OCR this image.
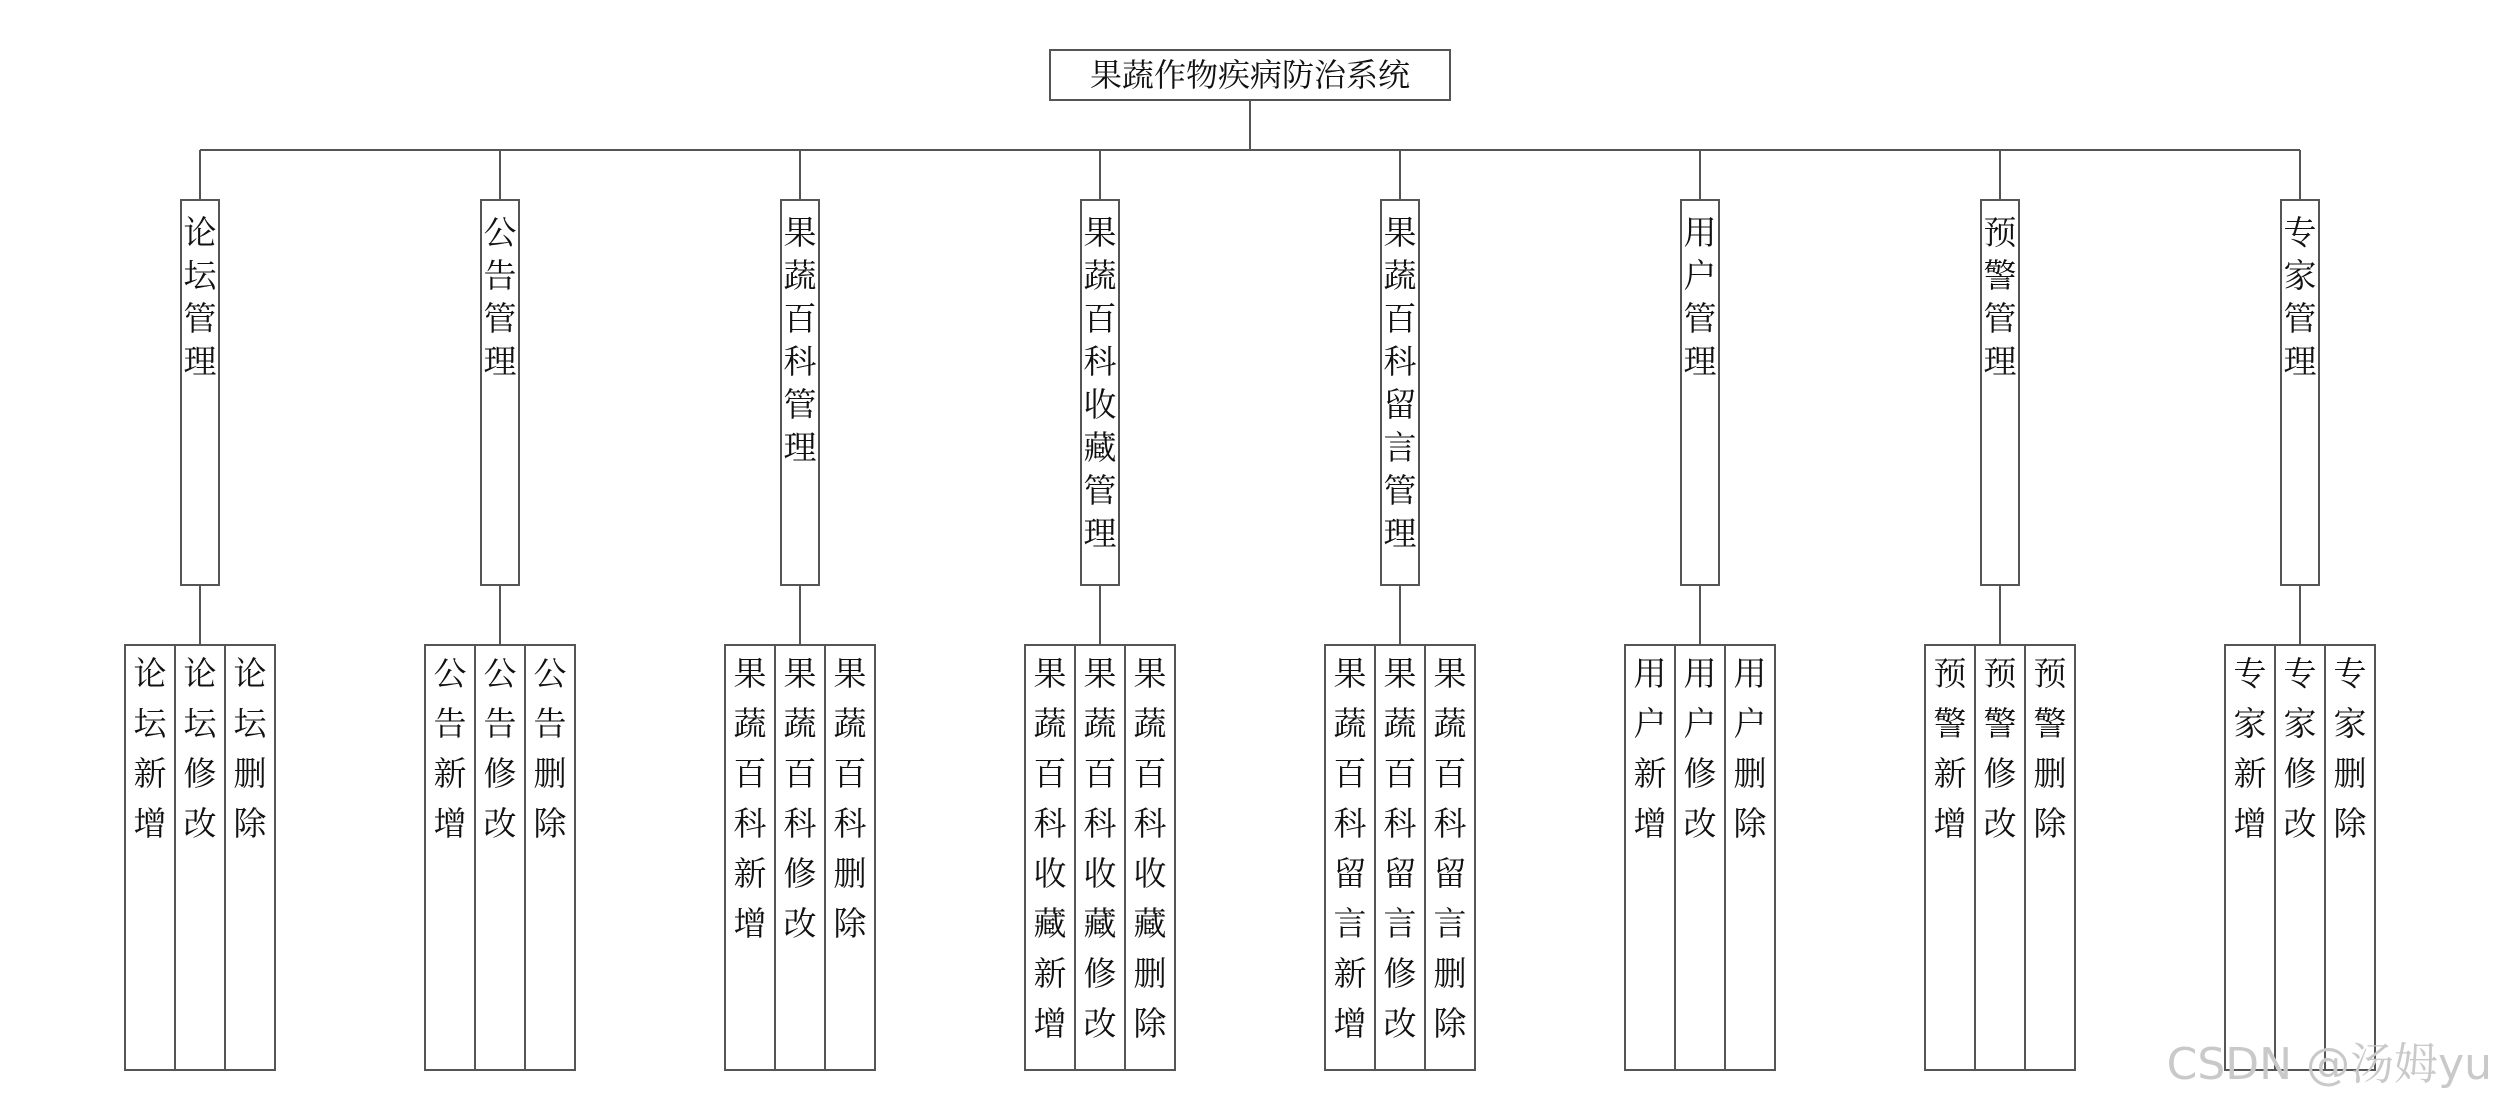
果蔬作物疾病防治系统
论坛管理
论坛新增
论坛修改
论坛删除
公告管理
公告新增
公告修改
公告删除
果蔬百科管理
果蔬百科新增
果蔬百科修改
果蔬百科删除
果蔬百科收藏管理
果蔬百科收藏新增
果蔬百科收藏修改
果蔬百科收藏删除
果蔬百科留言管理
果蔬百科留言新增
果蔬百科留言修改
果蔬百科留言删除
用户管理
用户新增
用户修改
用户删除
预警管理
预警新增
预警修改
预警删除
专家管理
专家新增
专家修改
专家删除
CSDN @汤姆yu
